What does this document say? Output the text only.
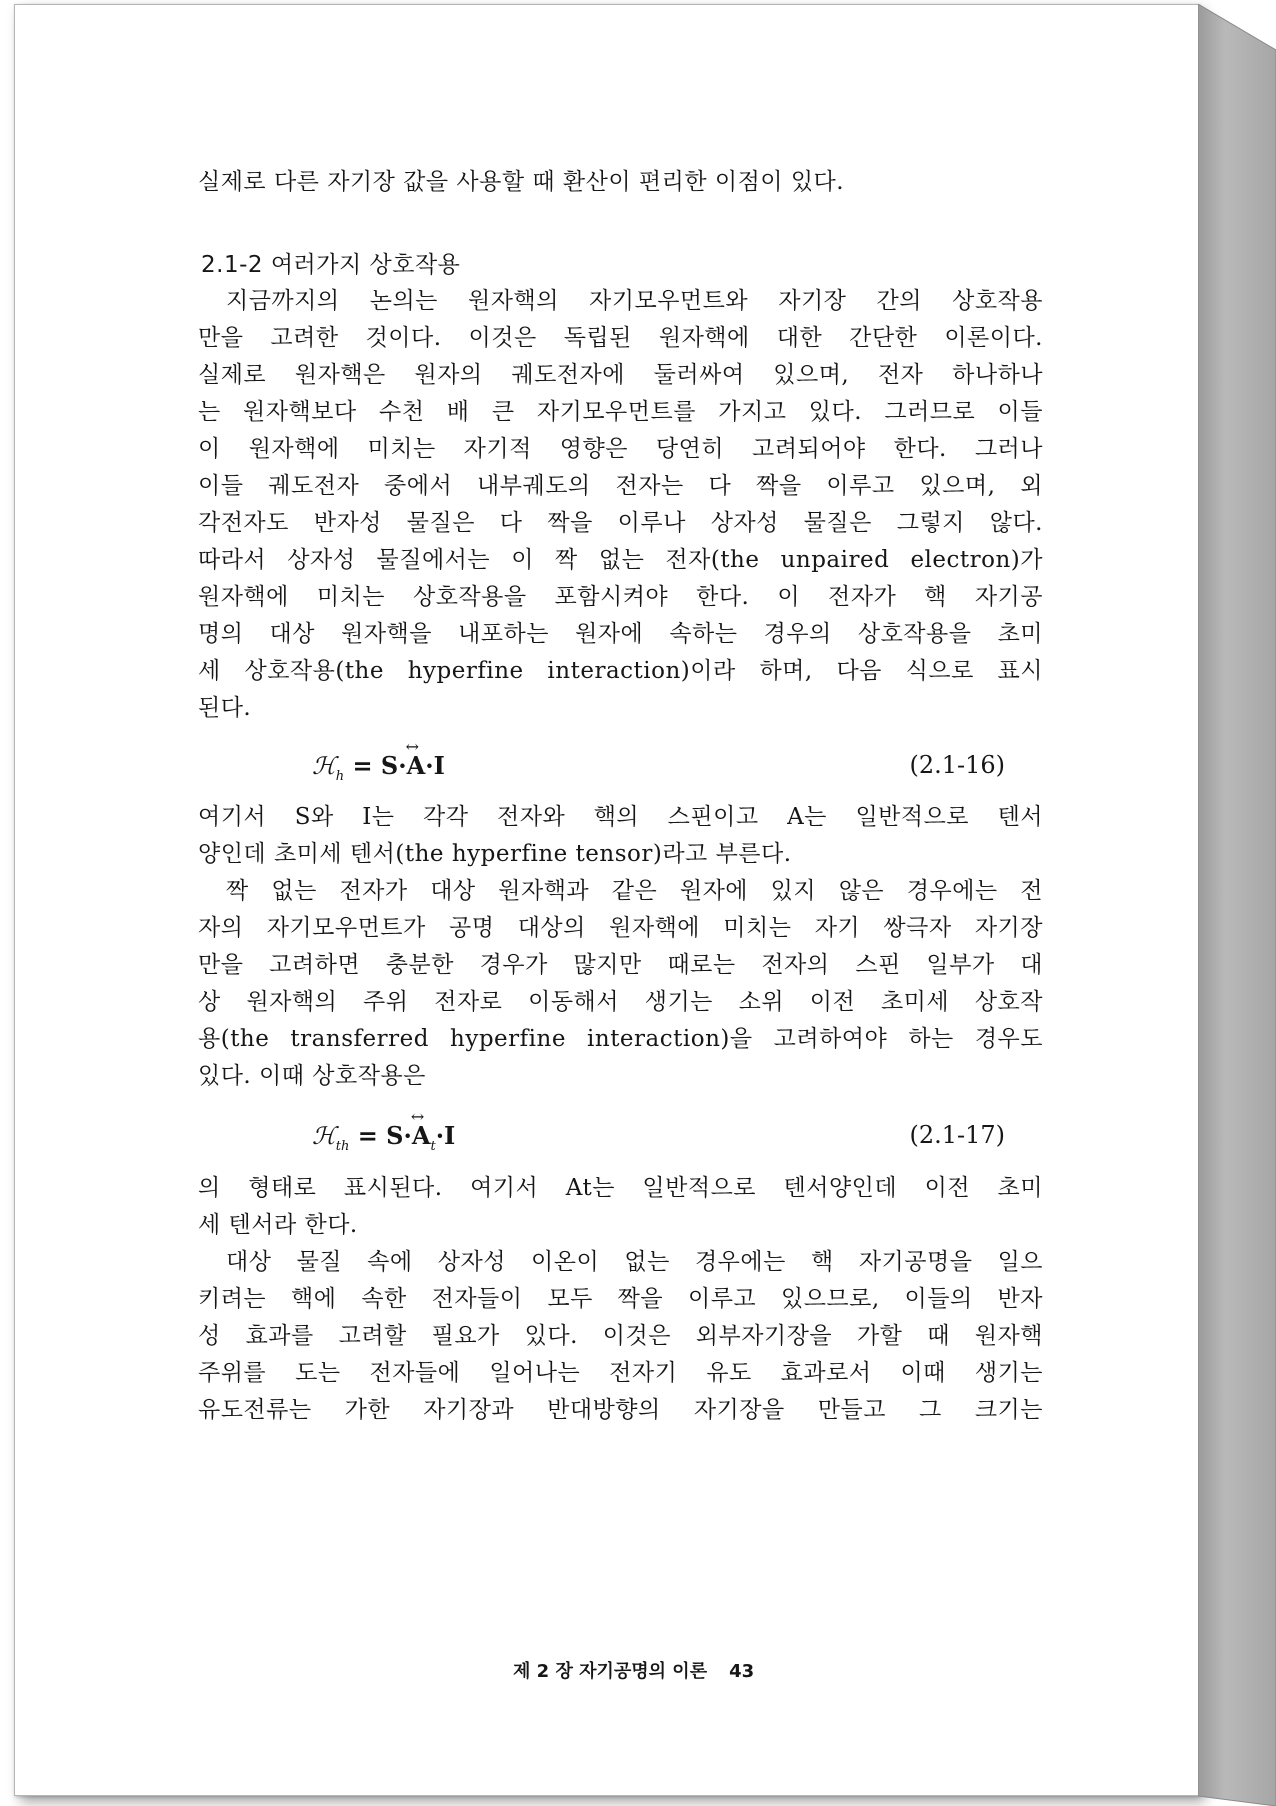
실제로 다른 자기장 값을 사용할 때 환산이 편리한 이점이 있다.
2.1-2 여러가지 상호작용
지금까지의 논의는 원자핵의 자기모우먼트와 자기장 간의 상호작용
만을 고려한 것이다. 이것은 독립된 원자핵에 대한 간단한 이론이다.
실제로 원자핵은 원자의 궤도전자에 둘러싸여 있으며, 전자 하나하나
는 원자핵보다 수천 배 큰 자기모우먼트를 가지고 있다. 그러므로 이들
이 원자핵에 미치는 자기적 영향은 당연히 고려되어야 한다. 그러나
이들 궤도전자 중에서 내부궤도의 전자는 다 짝을 이루고 있으며, 외
각전자도 반자성 물질은 다 짝을 이루나 상자성 물질은 그렇지 않다.
따라서 상자성 물질에서는 이 짝 없는 전자(the unpaired electron)가
원자핵에 미치는 상호작용을 포함시켜야 한다. 이 전자가 핵 자기공
명의 대상 원자핵을 내포하는 원자에 속하는 경우의 상호작용을 초미
세 상호작용(the hyperfine interaction)이라 하며, 다음 식으로 표시
된다.
ℋ$_h$ = S·
↔
A·I	(2.1-16)
여기서 S와 I는 각각 전자와 핵의 스핀이고 A는 일반적으로 텐서
양인데 초미세 텐서(the hyperfine tensor)라고 부른다.
짝 없는 전자가 대상 원자핵과 같은 원자에 있지 않은 경우에는 전
자의 자기모우먼트가 공명 대상의 원자핵에 미치는 자기 쌍극자 자기장
만을 고려하면 충분한 경우가 많지만 때로는 전자의 스핀 일부가 대
상 원자핵의 주위 전자로 이동해서 생기는 소위 이전 초미세 상호작
용(the transferred hyperfine interaction)을 고려하여야 하는 경우도
있다. 이때 상호작용은
ℋ$_{th}$ = S·
↔
$A_t\cdot I$	(2.1-17)
의 형태로 표시된다. 여기서 At는 일반적으로 텐서양인데 이전 초미
세 텐서라 한다.
대상 물질 속에 상자성 이온이 없는 경우에는 핵 자기공명을 일으
키려는 핵에 속한 전자들이 모두 짝을 이루고 있으므로, 이들의 반자
성 효과를 고려할 필요가 있다. 이것은 외부자기장을 가할 때 원자핵
주위를 도는 전자들에 일어나는 전자기 유도 효과로서 이때 생기는
유도전류는 가한 자기장과 반대방향의 자기장을 만들고 그 크기는
제 2 장 자기공명의 이론 43
